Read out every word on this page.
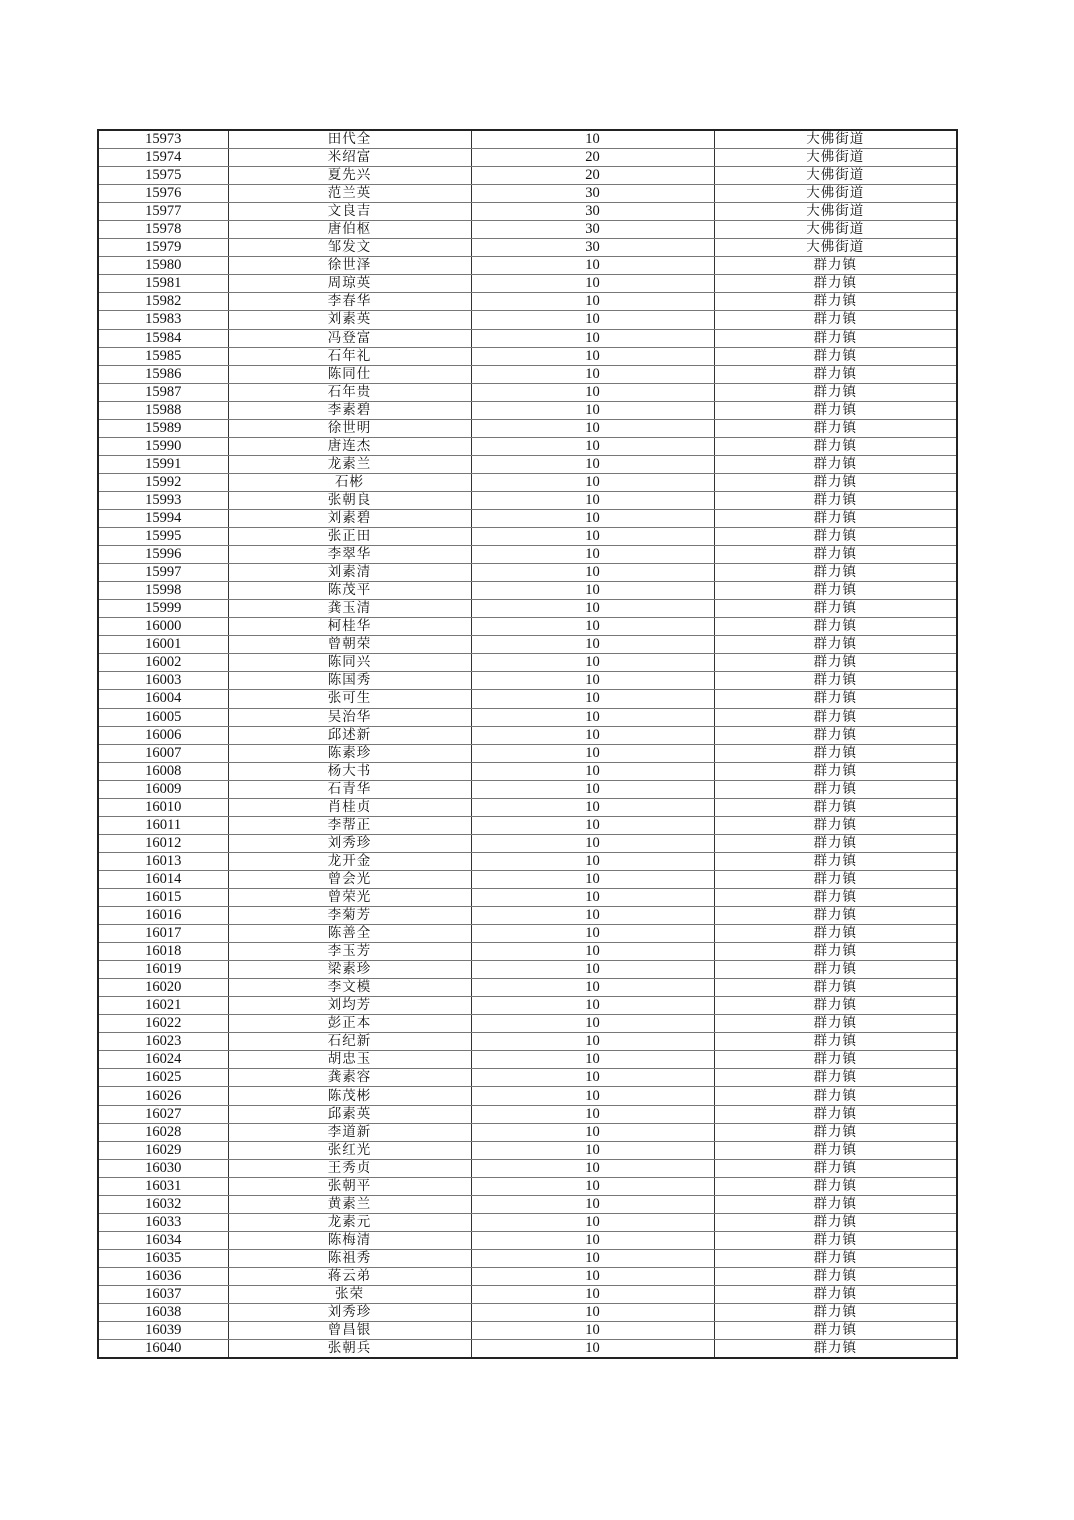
15973	田代全	10	大佛街道
15974	米绍富	20	大佛街道
15975	夏先兴	20	大佛街道
15976	范兰英	30	大佛街道
15977	文良吉	30	大佛街道
15978	唐伯枢	30	大佛街道
15979	邹发文	30	大佛街道
15980	徐世泽	10	群力镇
15981	周琼英	10	群力镇
15982	李春华	10	群力镇
15983	刘素英	10	群力镇
15984	冯登富	10	群力镇
15985	石年礼	10	群力镇
15986	陈同仕	10	群力镇
15987	石年贵	10	群力镇
15988	李素碧	10	群力镇
15989	徐世明	10	群力镇
15990	唐连杰	10	群力镇
15991	龙素兰	10	群力镇
15992	石彬	10	群力镇
15993	张朝良	10	群力镇
15994	刘素碧	10	群力镇
15995	张正田	10	群力镇
15996	李翠华	10	群力镇
15997	刘素清	10	群力镇
15998	陈茂平	10	群力镇
15999	龚玉清	10	群力镇
16000	柯桂华	10	群力镇
16001	曾朝荣	10	群力镇
16002	陈同兴	10	群力镇
16003	陈国秀	10	群力镇
16004	张可生	10	群力镇
16005	吴治华	10	群力镇
16006	邱述新	10	群力镇
16007	陈素珍	10	群力镇
16008	杨大书	10	群力镇
16009	石青华	10	群力镇
16010	肖桂贞	10	群力镇
16011	李帮正	10	群力镇
16012	刘秀珍	10	群力镇
16013	龙开金	10	群力镇
16014	曾会光	10	群力镇
16015	曾荣光	10	群力镇
16016	李菊芳	10	群力镇
16017	陈善全	10	群力镇
16018	李玉芳	10	群力镇
16019	梁素珍	10	群力镇
16020	李文模	10	群力镇
16021	刘均芳	10	群力镇
16022	彭正本	10	群力镇
16023	石纪新	10	群力镇
16024	胡忠玉	10	群力镇
16025	龚素容	10	群力镇
16026	陈茂彬	10	群力镇
16027	邱素英	10	群力镇
16028	李道新	10	群力镇
16029	张红光	10	群力镇
16030	王秀贞	10	群力镇
16031	张朝平	10	群力镇
16032	黄素兰	10	群力镇
16033	龙素元	10	群力镇
16034	陈梅清	10	群力镇
16035	陈祖秀	10	群力镇
16036	蒋云弟	10	群力镇
16037	张荣	10	群力镇
16038	刘秀珍	10	群力镇
16039	曾昌银	10	群力镇
16040	张朝兵	10	群力镇
